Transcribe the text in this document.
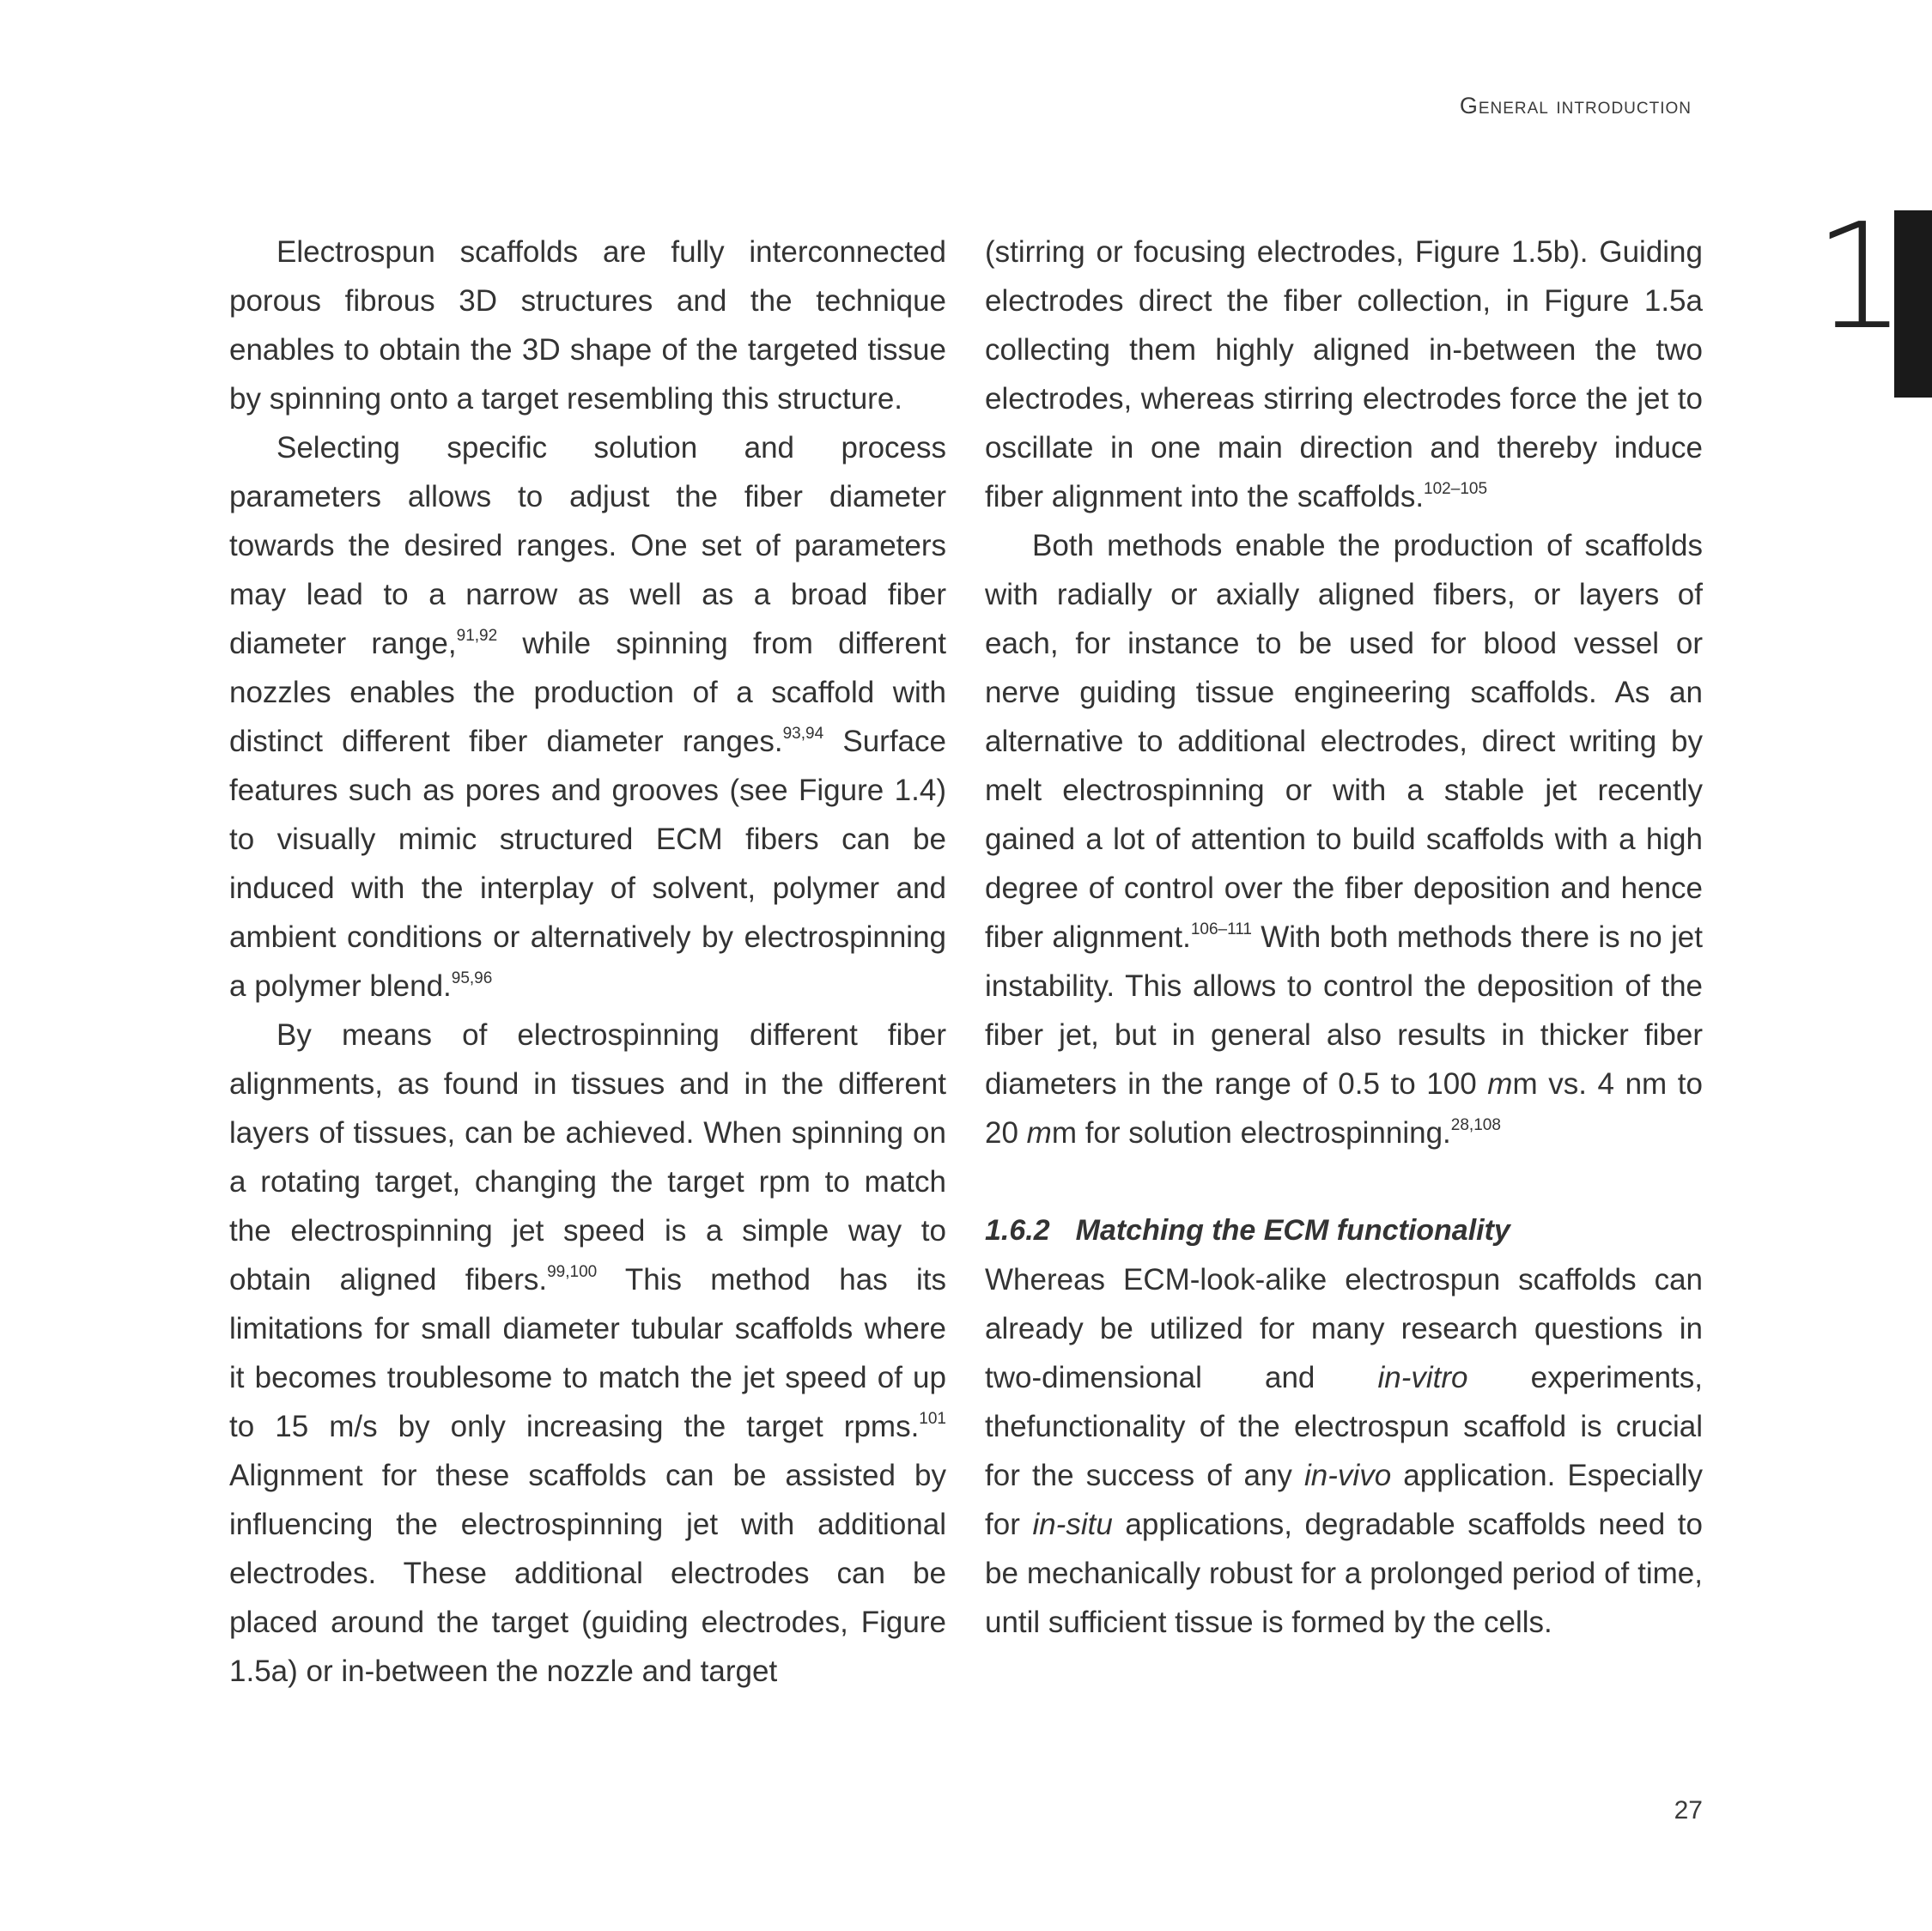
General introduction
1

Electrospun scaffolds are fully interconnected porous fibrous 3D structures and the technique enables to obtain the 3D shape of the targeted tissue by spinning onto a target resembling this structure.

Selecting specific solution and process parameters allows to adjust the fiber diameter towards the desired ranges. One set of parameters may lead to a narrow as well as a broad fiber diameter range,$^{91,92}$ while spinning from different nozzles enables the production of a scaffold with distinct different fiber diameter ranges.$^{93,94}$ Surface features such as pores and grooves (see Figure 1.4) to visually mimic structured ECM fibers can be induced with the interplay of solvent, polymer and ambient conditions or alternatively by electrospinning a polymer blend.$^{95,96}$

By means of electrospinning different fiber alignments, as found in tissues and in the different layers of tissues, can be achieved. When spinning on a rotating target, changing the target rpm to match the electrospinning jet speed is a simple way to obtain aligned fibers.$^{99,100}$ This method has its limitations for small diameter tubular scaffolds where it becomes troublesome to match the jet speed of up to 15 m/s by only increasing the target rpms.$^{101}$ Alignment for these scaffolds can be assisted by influencing the electrospinning jet with additional electrodes. These additional electrodes can be placed around the target (guiding electrodes, Figure 1.5a) or in-between the nozzle and target

(stirring or focusing electrodes, Figure 1.5b). Guiding electrodes direct the fiber collection, in Figure 1.5a collecting them highly aligned in-between the two electrodes, whereas stirring electrodes force the jet to oscillate in one main direction and thereby induce fiber alignment into the scaffolds.$^{102-105}$

Both methods enable the production of scaffolds with radially or axially aligned fibers, or layers of each, for instance to be used for blood vessel or nerve guiding tissue engineering scaffolds. As an alternative to additional electrodes, direct writing by melt electrospinning or with a stable jet recently gained a lot of attention to build scaffolds with a high degree of control over the fiber deposition and hence fiber alignment.$^{106-111}$ With both methods there is no jet instability. This allows to control the deposition of the fiber jet, but in general also results in thicker fiber diameters in the range of 0.5 to 100 mm vs. 4 nm to 20 mm for solution electrospinning.$^{28,108}$

1.6.2 Matching the ECM functionality

Whereas ECM-look-alike electrospun scaffolds can already be utilized for many research questions in two-dimensional and in-vitro experiments, thefunctionality of the electrospun scaffold is crucial for the success of any in-vivo application. Especially for in-situ applications, degradable scaffolds need to be mechanically robust for a prolonged period of time, until sufficient tissue is formed by the cells.

27
